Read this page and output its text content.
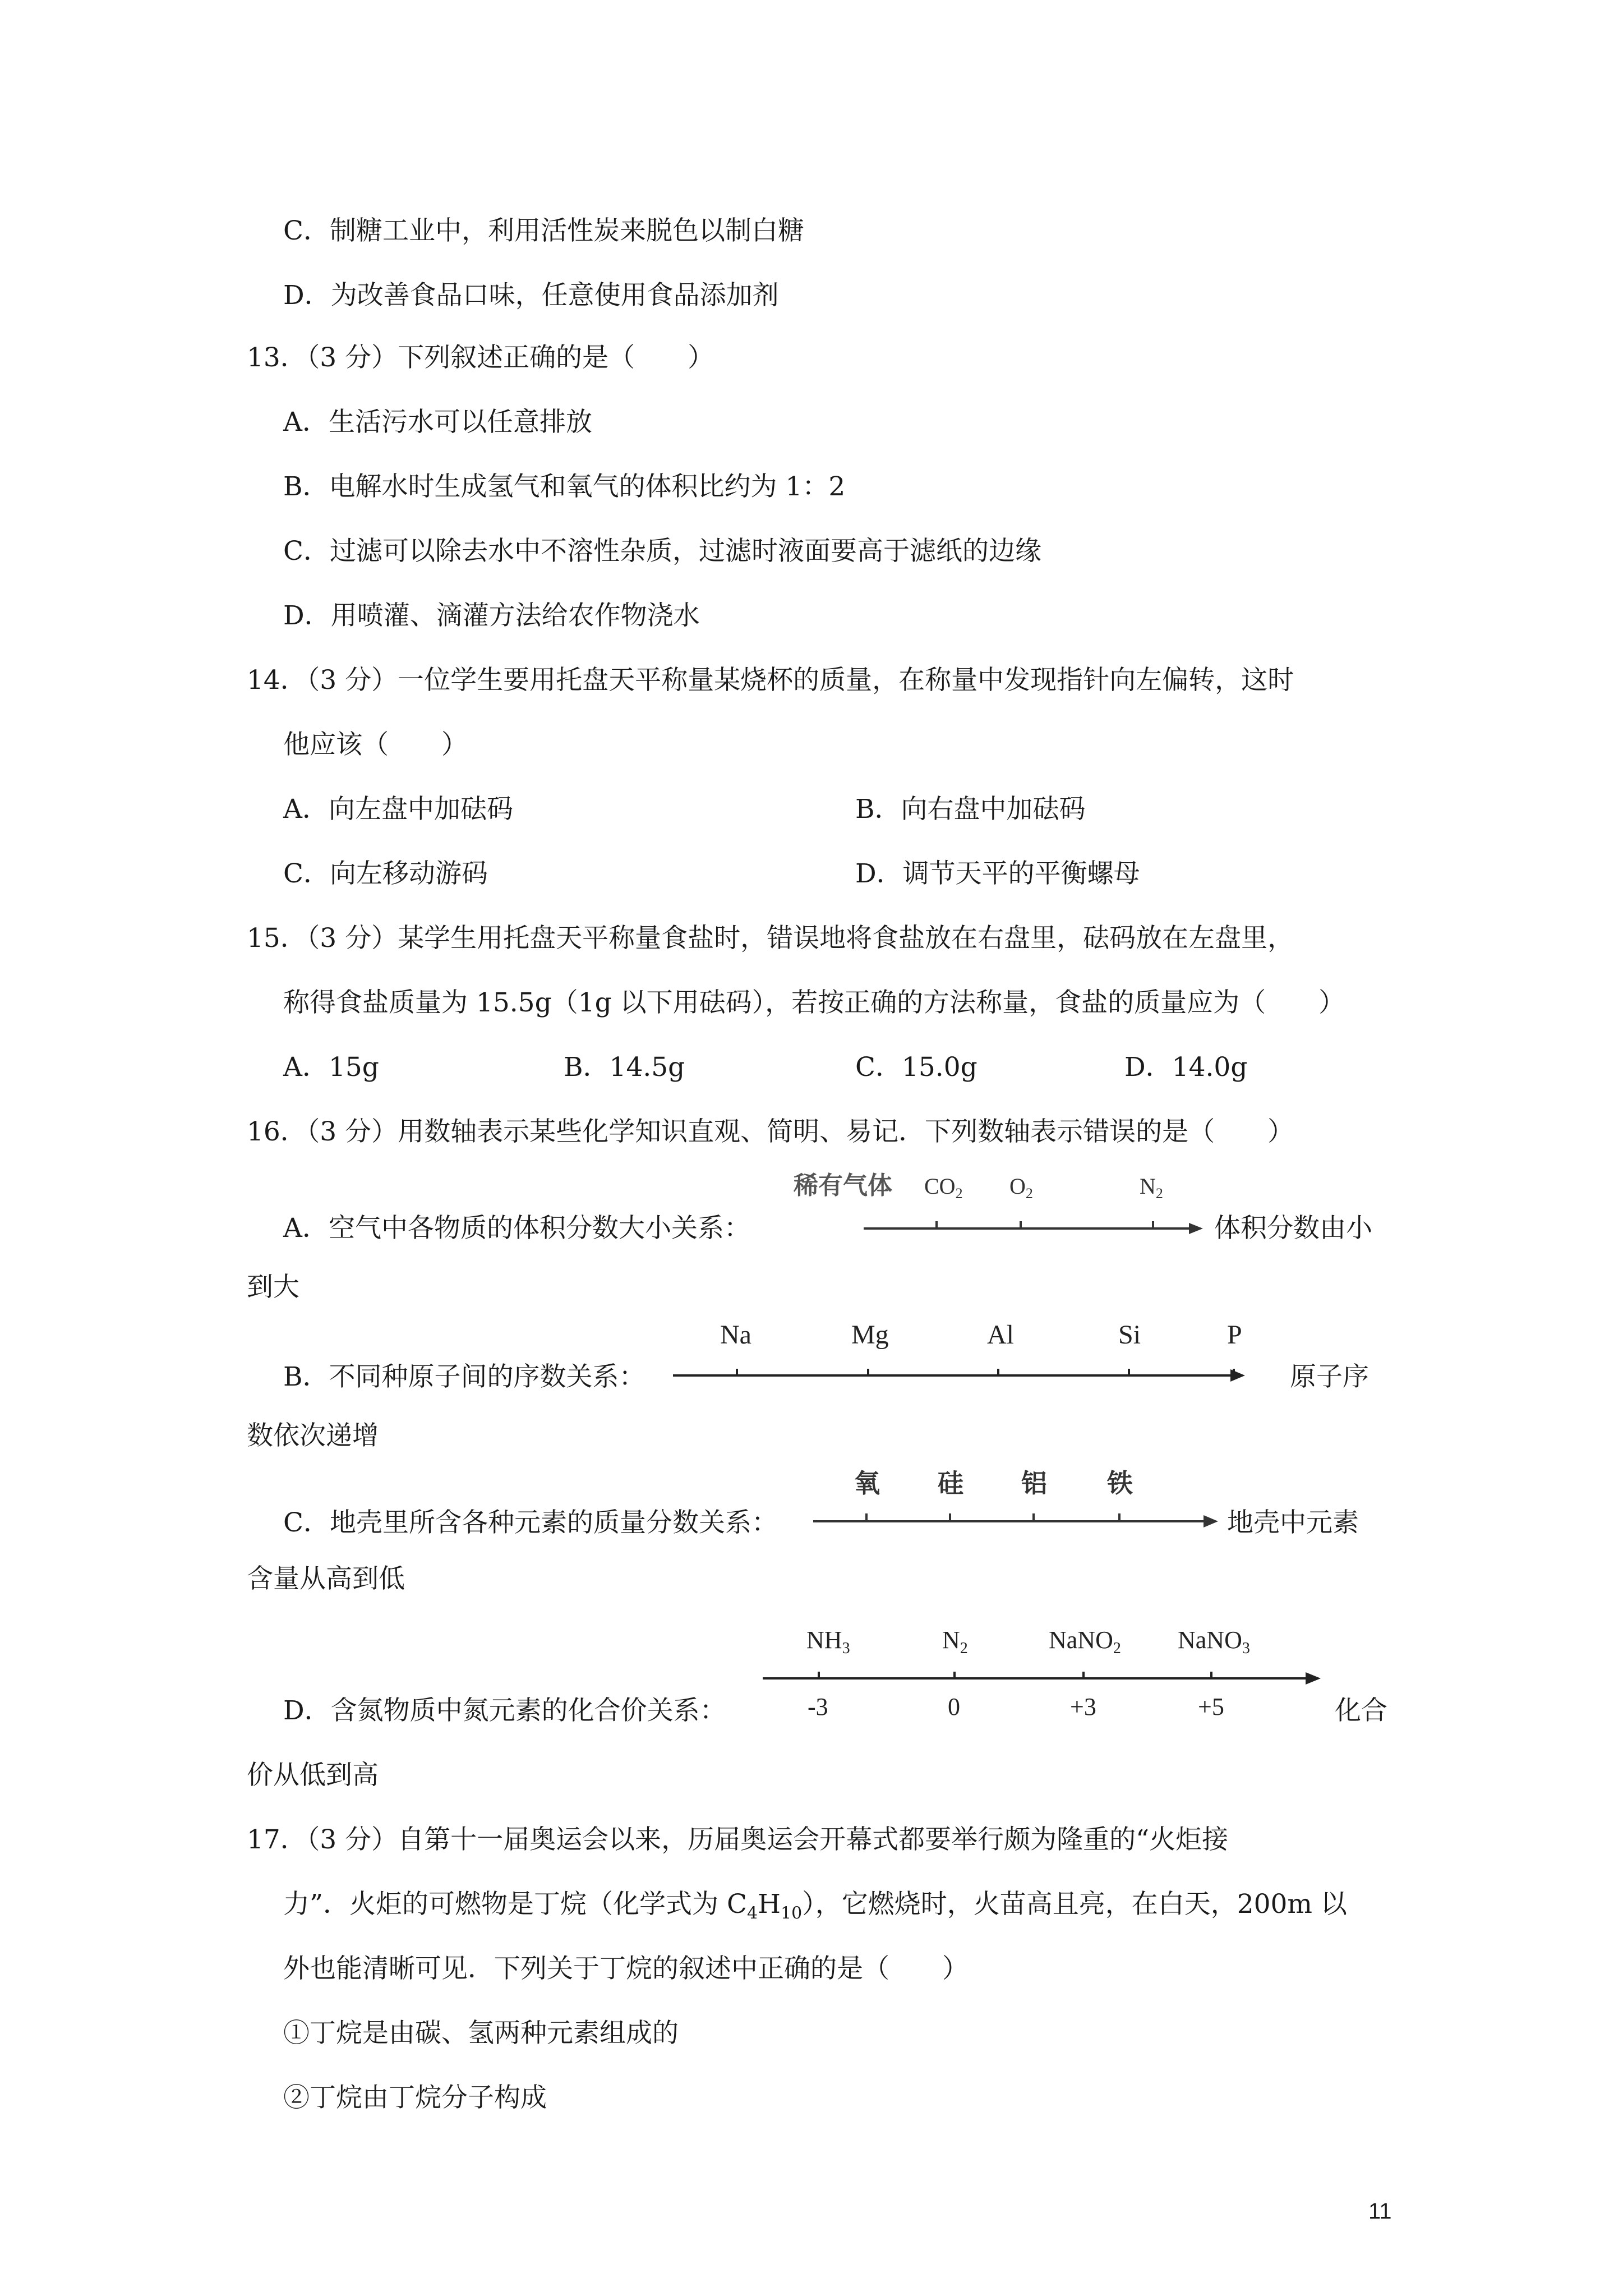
C．制糖工业中，利用活性炭来脱色以制白糖
D．为改善食品口味，任意使用食品添加剂
13．（3 分）下列叙述正确的是（　　）
A．生活污水可以任意排放
B．电解水时生成氢气和氧气的体积比约为 1：2
C．过滤可以除去水中不溶性杂质，过滤时液面要高于滤纸的边缘
D．用喷灌、滴灌方法给农作物浇水
14．（3 分）一位学生要用托盘天平称量某烧杯的质量，在称量中发现指针向左偏转，这时
他应该（　　）
A．向左盘中加砝码	B．向右盘中加砝码
C．向左移动游码	D．调节天平的平衡螺母
15．（3 分）某学生用托盘天平称量食盐时，错误地将食盐放在右盘里，砝码放在左盘里，
称得食盐质量为 15.5g（1g 以下用砝码），若按正确的方法称量，食盐的质量应为（　　）
A．15g	B．14.5g	C．15.0g	D．14.0g
16．（3 分）用数轴表示某些化学知识直观、简明、易记．下列数轴表示错误的是（　　）
A．空气中各物质的体积分数大小关系：
稀有气体 $CO_2$ $O_2$	$N_2$
体积分数由小
到大
B．不同种原子间的序数关系：
Na	Mg	Al	Si	P
原子序
数依次递增
C．地壳里所含各种元素的质量分数关系：
氧 硅 铝 铁
地壳中元素
含量从高到低
D．含氮物质中氮元素的化合价关系：
$NH_3$	$N_2$	NaNO$_2$ NaNO$_3$
-3	0	+3	+5	化合
价从低到高
17．（3 分）自第十一届奥运会以来，历届奥运会开幕式都要举行颇为隆重的“火炬接
力”．火炬的可燃物是丁烷（化学式为 $C_4H_{10}$），它燃烧时，火苗高且亮，在白天，200m 以
外也能清晰可见．下列关于丁烷的叙述中正确的是（　　）
①丁烷是由碳、氢两种元素组成的
②丁烷由丁烷分子构成
11
